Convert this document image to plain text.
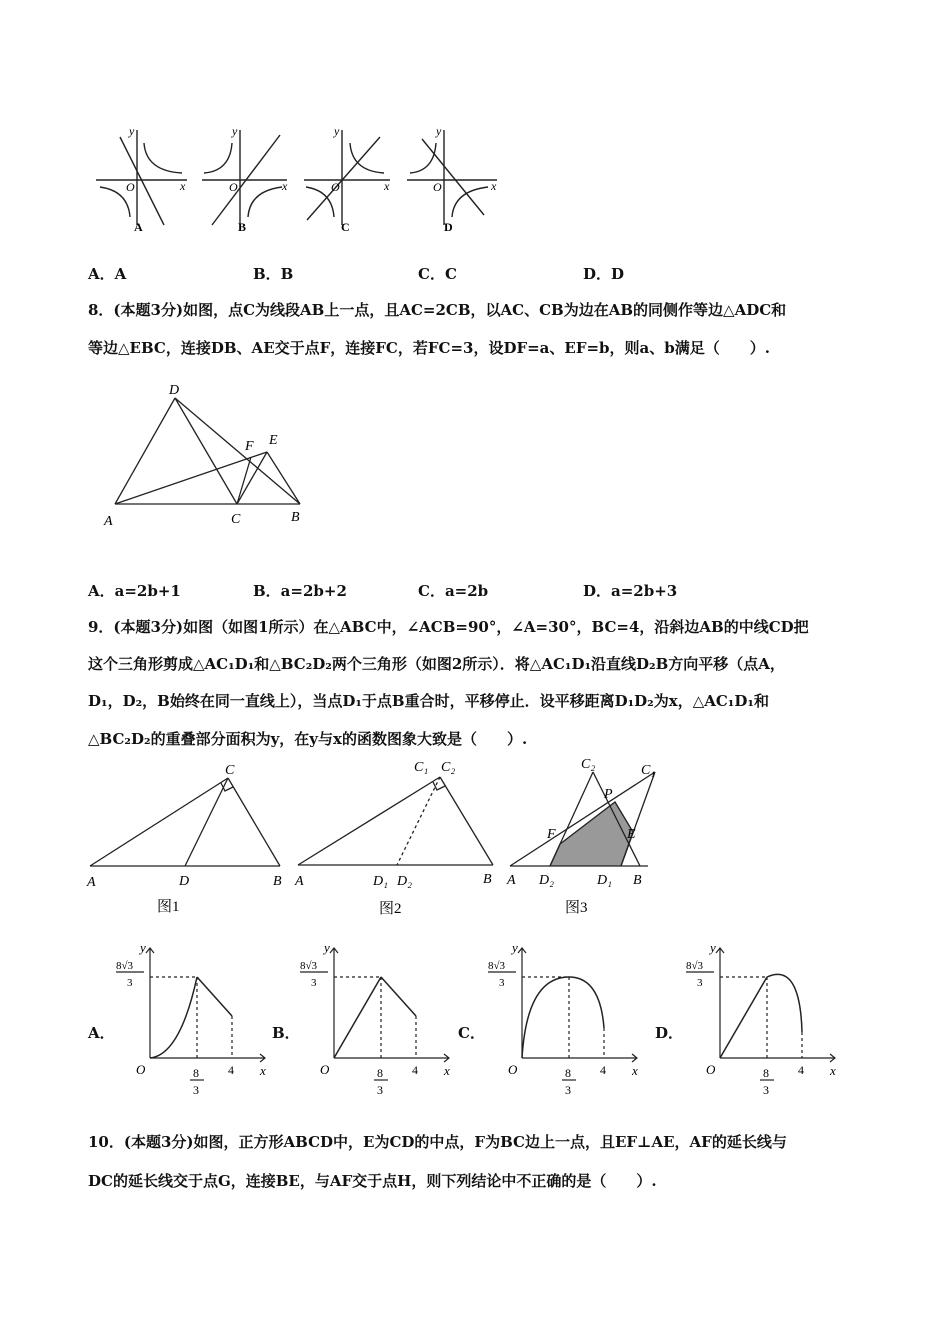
y
x
O
A
y
x
O
B
y
x
O
C
y
x
O
D
A．A	B．B	C．C	D．D
8．(本题3分)如图，点C为线段AB上一点，且AC=2CB，以AC、CB为边在AB的同侧作等边△ADC和
等边△EBC，连接DB、AE交于点F，连接FC，若FC=3，设DF=a、EF=b，则a、b满足（　　）.
D
E
F
A	C	B
A．a=2b+1	B．a=2b+2	C．a=2b	D．a=2b+3
9．(本题3分)如图（如图1所示）在△ABC中，∠ACB=90°，∠A=30°，BC=4，沿斜边AB的中线CD把
这个三角形剪成△AC₁D₁和△BC₂D₂两个三角形（如图2所示）．将△AC₁D₁沿直线D₂B方向平移（点A，
D₁，D₂，B始终在同一直线上），当点D₁于点B重合时，平移停止．设平移距离D₁D₂为x，△AC₁D₁和
△BC₂D₂的重叠部分面积为y，在y与x的函数图象大致是（　　）.
C
A	D	B
图1
C₁ C₂
A	D₁ D₂	B
图2
C₂	C₁
P
F	E
A D₂	D₁ B
图3
A．	B．	C．	D．
y
x
O
8√3
3
8
3
4
y
x
O
8√3
3
8
3
4
y
x
O
8√3
3
8
3
4
y
x
O
8√3
3
8
3
4
10．(本题3分)如图，正方形ABCD中，E为CD的中点，F为BC边上一点，且EF⊥AE，AF的延长线与
DC的延长线交于点G，连接BE，与AF交于点H，则下列结论中不正确的是（　　）.
